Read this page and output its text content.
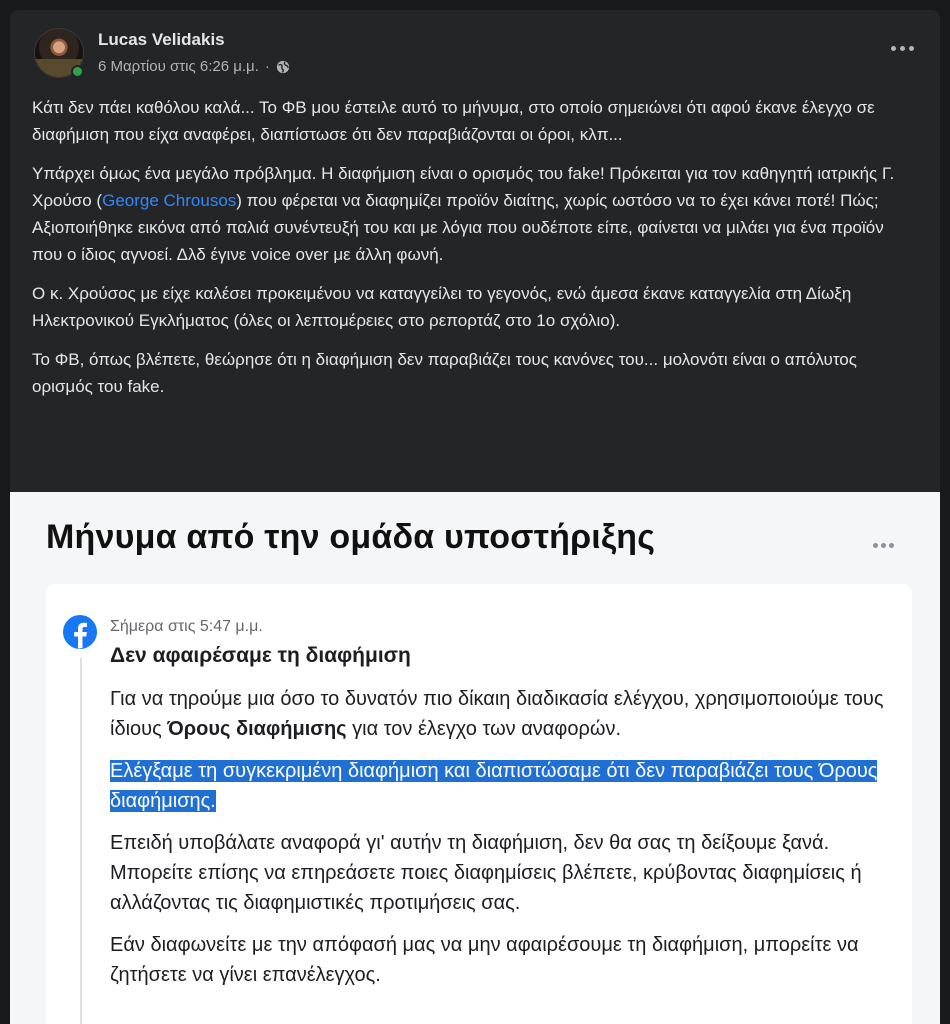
Lucas Velidakis
6 Μαρτίου στις 6:26 μ.μ. ·

Κάτι δεν πάει καθόλου καλά... Το ΦΒ μου έστειλε αυτό το μήνυμα, στο οποίο σημειώνει ότι αφού έκανε έλεγχο σε διαφήμιση που είχα αναφέρει, διαπίστωσε ότι δεν παραβιάζονται οι όροι, κλπ...

Υπάρχει όμως ένα μεγάλο πρόβλημα. Η διαφήμιση είναι ο ορισμός του fake! Πρόκειται για τον καθηγητή ιατρικής Γ. Χρούσο (George Chrousos) που φέρεται να διαφημίζει προϊόν διαίτης, χωρίς ωστόσο να το έχει κάνει ποτέ! Πώς; Αξιοποιήθηκε εικόνα από παλιά συνέντευξή του και με λόγια που ουδέποτε είπε, φαίνεται να μιλάει για ένα προϊόν που ο ίδιος αγνοεί. Δλδ έγινε voice over με άλλη φωνή.

Ο κ. Χρούσος με είχε καλέσει προκειμένου να καταγγείλει το γεγονός, ενώ άμεσα έκανε καταγγελία στη Δίωξη Ηλεκτρονικού Εγκλήματος (όλες οι λεπτομέρειες στο ρεπορτάζ στο 1ο σχόλιο).

Το ΦΒ, όπως βλέπετε, θεώρησε ότι η διαφήμιση δεν παραβιάζει τους κανόνες του... μολονότι είναι ο απόλυτος ορισμός του fake.

Μήνυμα από την ομάδα υποστήριξης
Σήμερα στις 5:47 μ.μ.
Δεν αφαιρέσαμε τη διαφήμιση

Για να τηρούμε μια όσο το δυνατόν πιο δίκαιη διαδικασία ελέγχου, χρησιμοποιούμε τους ίδιους Όρους διαφήμισης για τον έλεγχο των αναφορών.

Ελέγξαμε τη συγκεκριμένη διαφήμιση και διαπιστώσαμε ότι δεν παραβιάζει τους Όρους διαφήμισης.

Επειδή υποβάλατε αναφορά γι' αυτήν τη διαφήμιση, δεν θα σας τη δείξουμε ξανά. Μπορείτε επίσης να επηρεάσετε ποιες διαφημίσεις βλέπετε, κρύβοντας διαφημίσεις ή αλλάζοντας τις διαφημιστικές προτιμήσεις σας.

Εάν διαφωνείτε με την απόφασή μας να μην αφαιρέσουμε τη διαφήμιση, μπορείτε να ζητήσετε να γίνει επανέλεγχος.
